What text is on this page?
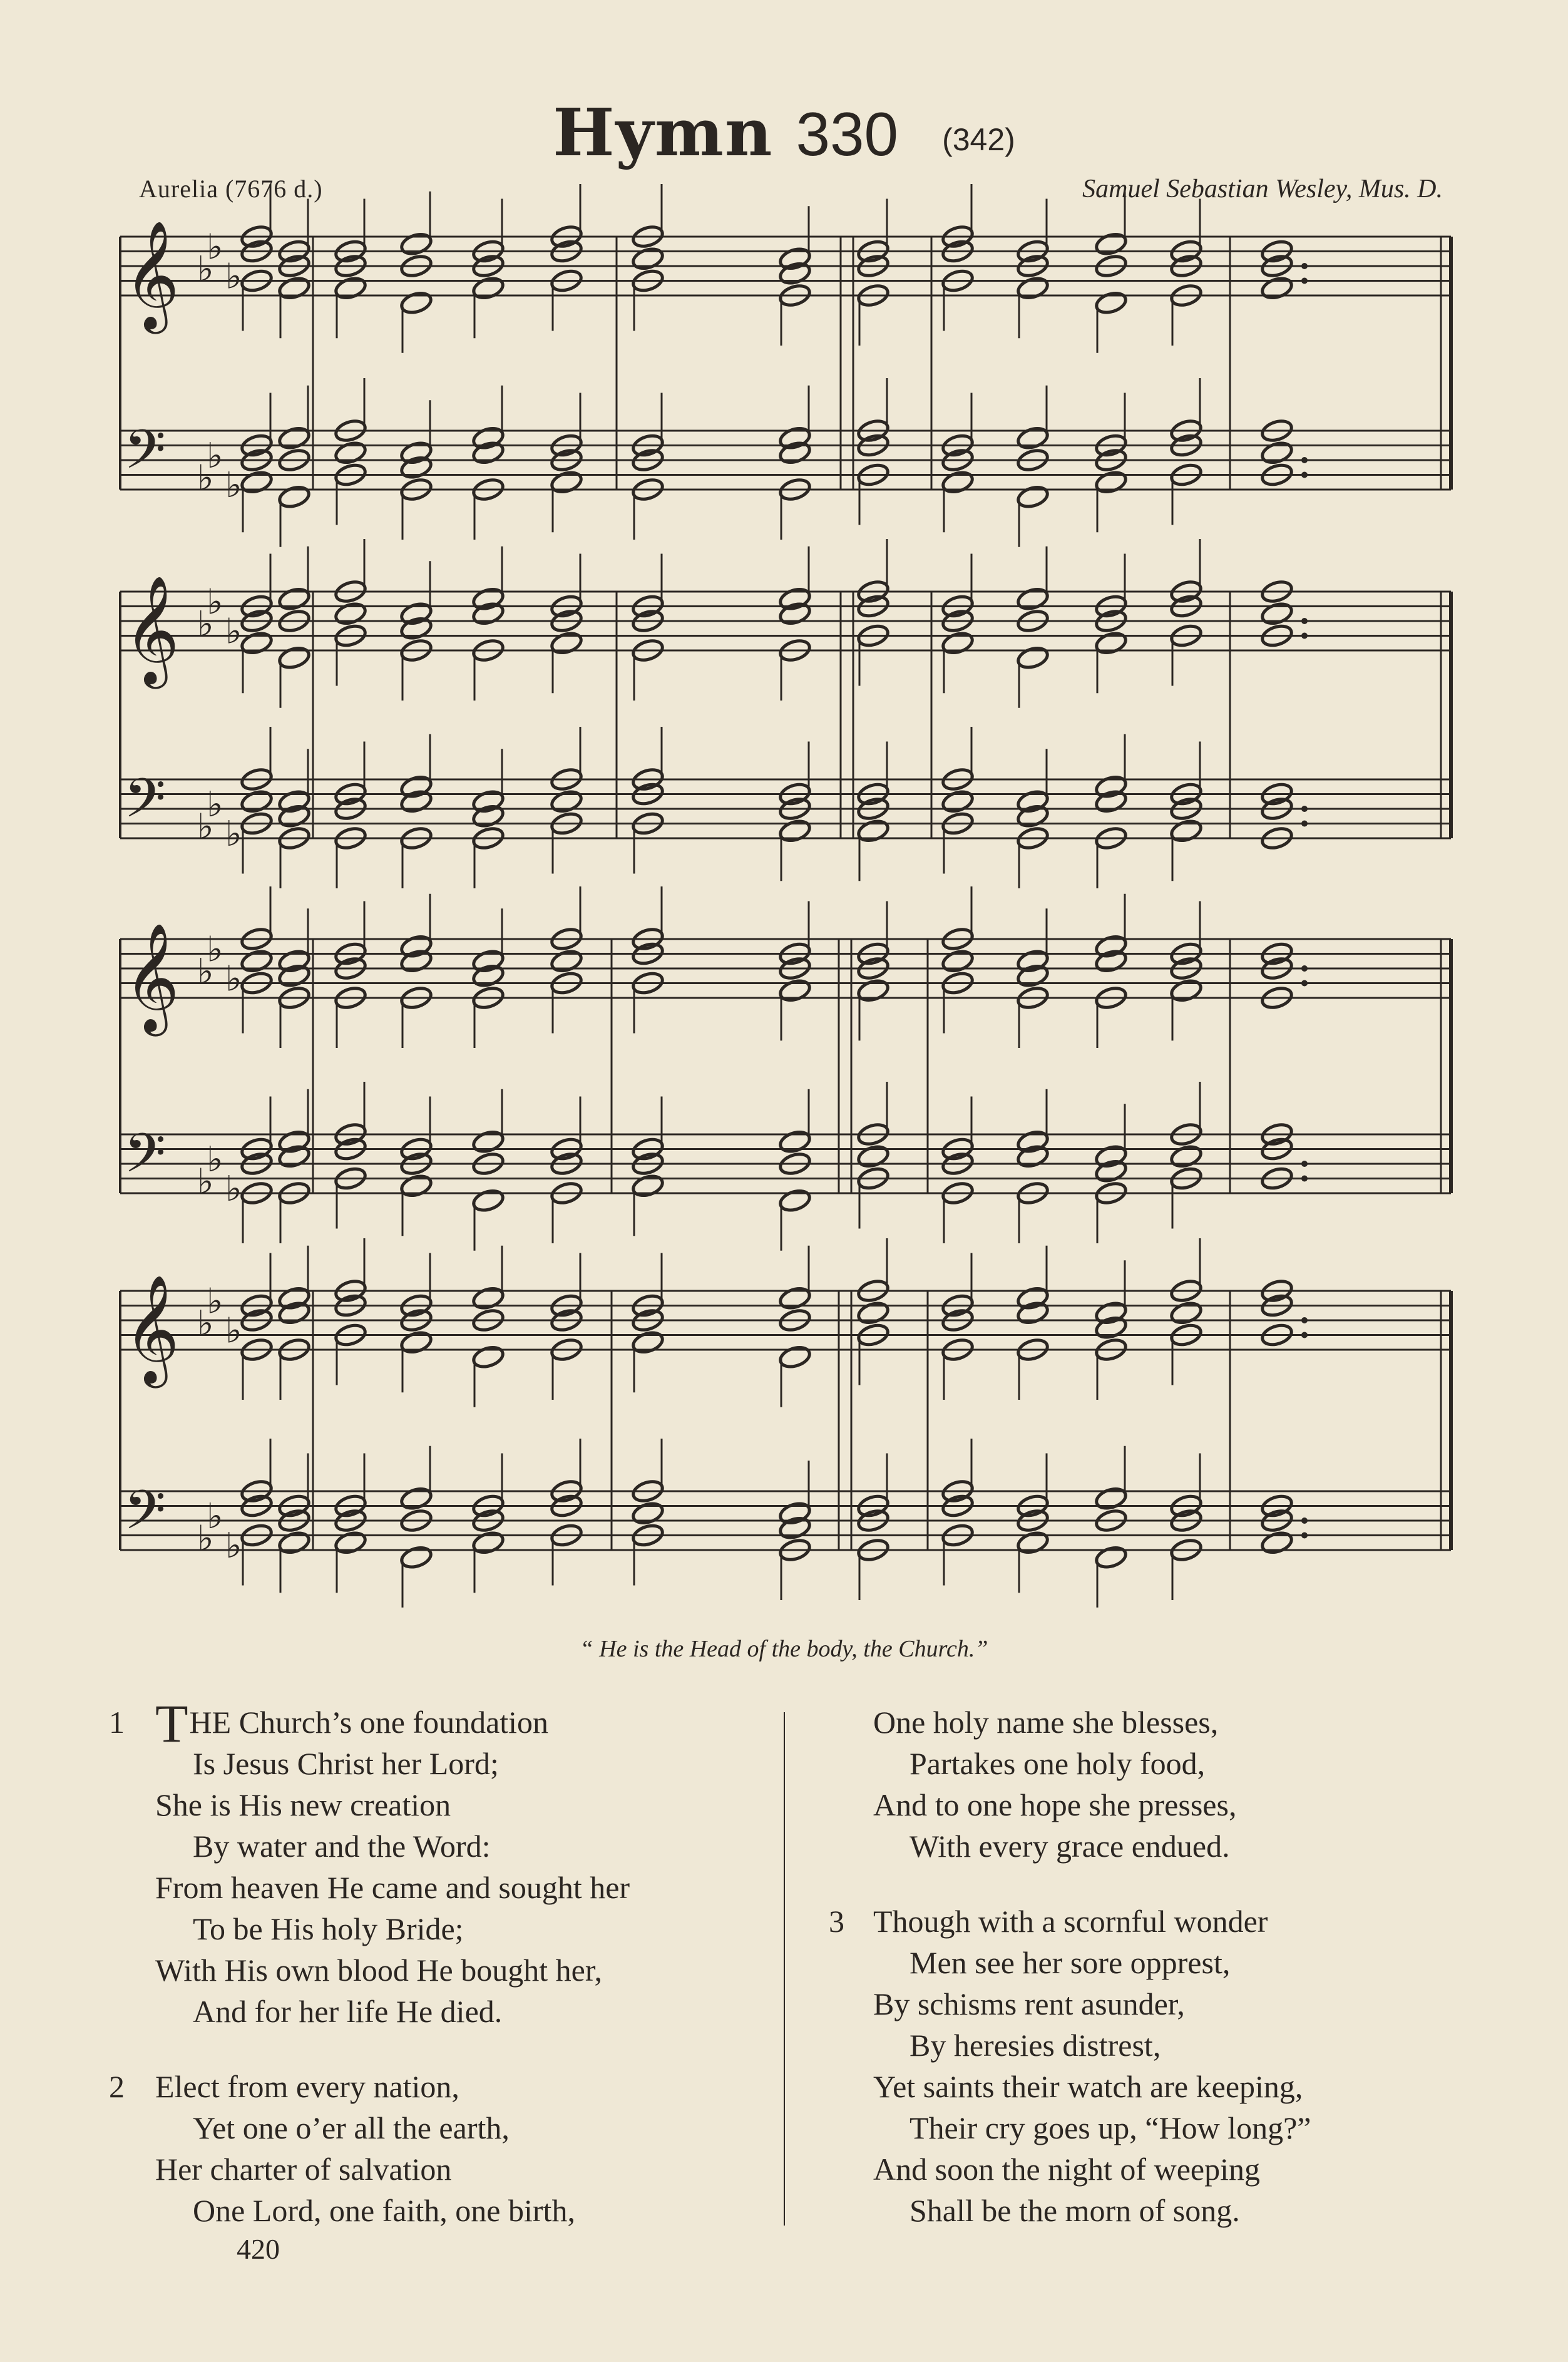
Hymn 330 (342)
Aurelia (7676 d.)	Samuel Sebastian Wesley, Mus. D.
𝄞 ♭
♭ ♭
𝄢 ♭
♭ ♭
𝄞 ♭
♭ ♭
𝄢 ♭
♭ ♭
𝄞 ♭
♭ ♭
𝄢 ♭
♭ ♭
𝄞 ♭
♭ ♭
𝄢 ♭
♭ ♭
“ He is the Head of the body, the Church.”
1 THE Church’s one foundation
Is Jesus Christ her Lord;
She is His new creation
By water and the Word:
From heaven He came and sought her
To be His holy Bride;
With His own blood He bought her,
And for her life He died.
2 Elect from every nation,
Yet one o’er all the earth,
Her charter of salvation
One Lord, one faith, one birth,
One holy name she blesses,
Partakes one holy food,
And to one hope she presses,
With every grace endued.
3 Though with a scornful wonder
Men see her sore opprest,
By schisms rent asunder,
By heresies distrest,
Yet saints their watch are keeping,
Their cry goes up, “How long?”
And soon the night of weeping
Shall be the morn of song.
420
